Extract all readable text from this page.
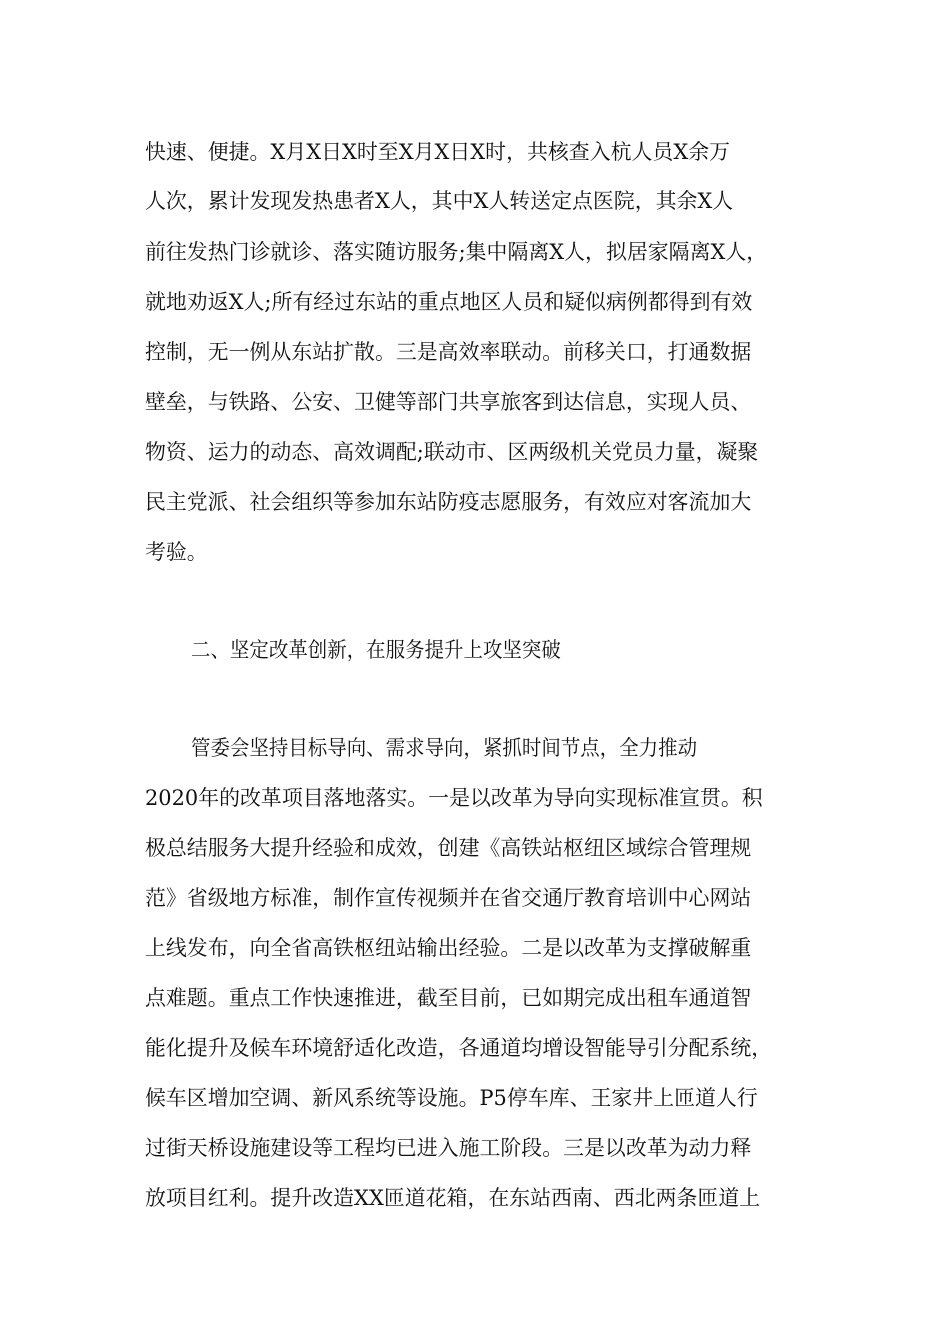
快速、便捷。X月X日X时至X月X日X时，共核查入杭人员X余万
人次，累计发现发热患者X人，其中X人转送定点医院，其余X人
前往发热门诊就诊、落实随访服务;集中隔离X人，拟居家隔离X人，
就地劝返X人;所有经过东站的重点地区人员和疑似病例都得到有效
控制，无一例从东站扩散。三是高效率联动。前移关口，打通数据
壁垒，与铁路、公安、卫健等部门共享旅客到达信息，实现人员、
物资、运力的动态、高效调配;联动市、区两级机关党员力量，凝聚
民主党派、社会组织等参加东站防疫志愿服务，有效应对客流加大
考验。
二、坚定改革创新，在服务提升上攻坚突破
管委会坚持目标导向、需求导向，紧抓时间节点，全力推动
2020年的改革项目落地落实。一是以改革为导向实现标准宣贯。积
极总结服务大提升经验和成效，创建《高铁站枢纽区域综合管理规
范》省级地方标准，制作宣传视频并在省交通厅教育培训中心网站
上线发布，向全省高铁枢纽站输出经验。二是以改革为支撑破解重
点难题。重点工作快速推进，截至目前，已如期完成出租车通道智
能化提升及候车环境舒适化改造，各通道均增设智能导引分配系统，
候车区增加空调、新风系统等设施。P5停车库、王家井上匝道人行
过街天桥设施建设等工程均已进入施工阶段。三是以改革为动力释
放项目红利。提升改造XX匝道花箱，在东站西南、西北两条匝道上
